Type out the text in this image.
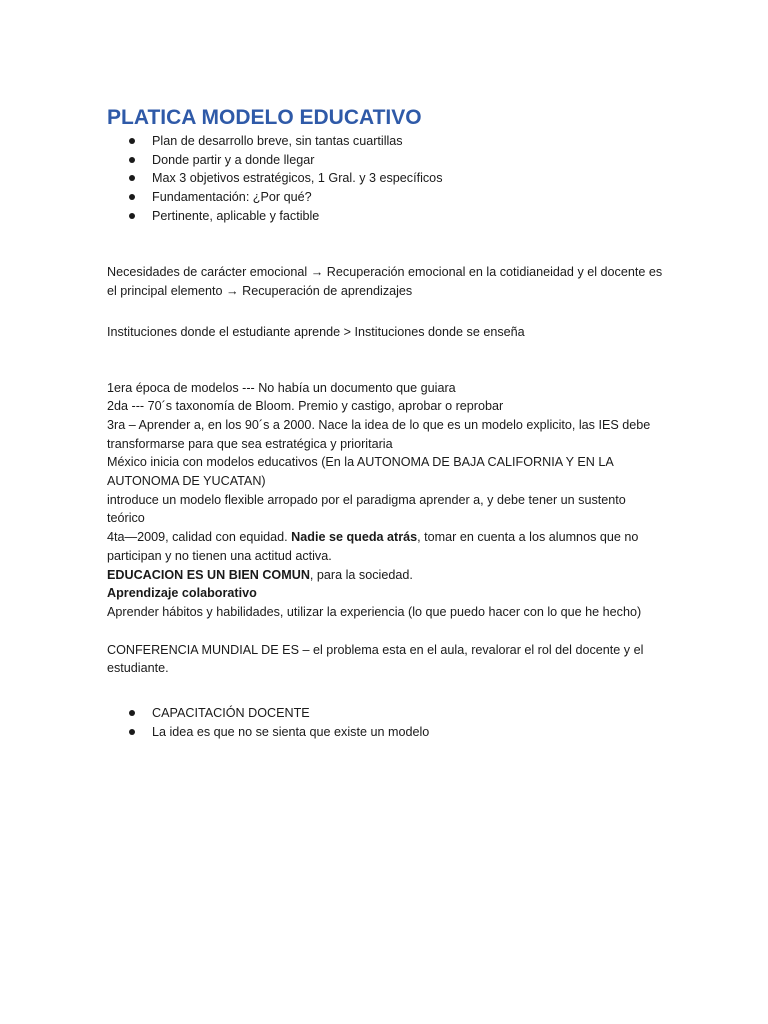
PLATICA MODELO EDUCATIVO
Plan de desarrollo breve, sin tantas cuartillas
Donde partir y a donde llegar
Max 3 objetivos estratégicos, 1 Gral. y 3 específicos
Fundamentación: ¿Por qué?
Pertinente, aplicable y factible

Necesidades de carácter emocional → Recuperación emocional en la cotidianeidad y el docente es

el principal elemento → Recuperación de aprendizajes

Instituciones donde el estudiante aprende > Instituciones donde se enseña

1era época de modelos --- No había un documento que guiara

2da --- 70´s taxonomía de Bloom. Premio y castigo, aprobar o reprobar

3ra – Aprender a, en los 90´s a 2000. Nace la idea de lo que es un modelo explicito, las IES debe

transformarse para que sea estratégica y prioritaria

México inicia con modelos educativos (En la AUTONOMA DE BAJA CALIFORNIA Y EN LA

AUTONOMA DE YUCATAN)

introduce un modelo flexible arropado por el paradigma aprender a, y debe tener un sustento

teórico

4ta—2009, calidad con equidad. Nadie se queda atrás, tomar en cuenta a los alumnos que no

participan y no tienen una actitud activa.

EDUCACION ES UN BIEN COMUN, para la sociedad.

Aprendizaje colaborativo

Aprender hábitos y habilidades, utilizar la experiencia (lo que puedo hacer con lo que he hecho)

CONFERENCIA MUNDIAL DE ES – el problema esta en el aula, revalorar el rol del docente y el

estudiante.

CAPACITACIÓN DOCENTE
La idea es que no se sienta que existe un modelo
